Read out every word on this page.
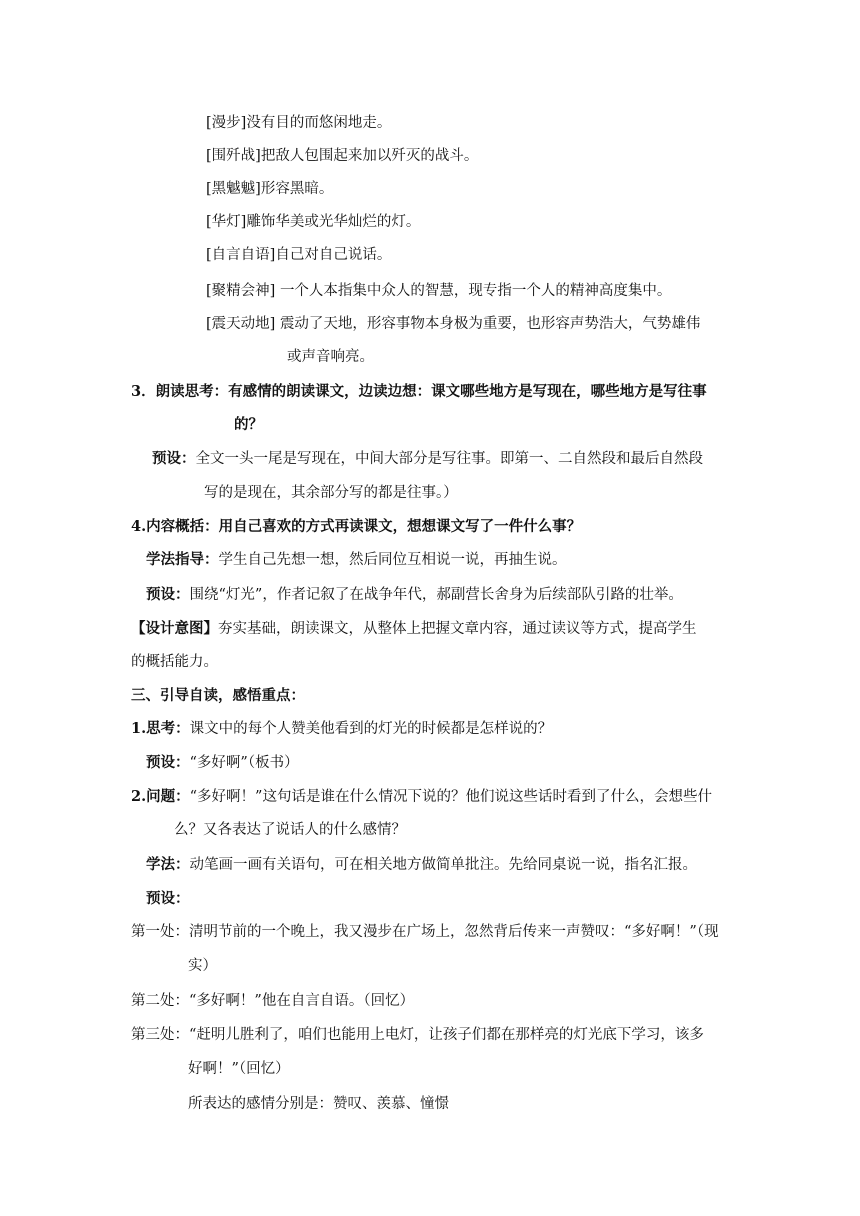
[漫步]没有目的而悠闲地走。
[围歼战]把敌人包围起来加以歼灭的战斗。
[黑魆魆]形容黑暗。
[华灯]雕饰华美或光华灿烂的灯。
[自言自语]自己对自己说话。
[聚精会神] 一个人本指集中众人的智慧，现专指一个人的精神高度集中。
[震天动地] 震动了天地，形容事物本身极为重要，也形容声势浩大，气势雄伟
或声音响亮。
3．朗读思考：有感情的朗读课文，边读边想：课文哪些地方是写现在，哪些地方是写往事
的？
预设：全文一头一尾是写现在，中间大部分是写往事。即第一、二自然段和最后自然段
写的是现在，其余部分写的都是往事。）
4.内容概括：用自己喜欢的方式再读课文，想想课文写了一件什么事？
学法指导：学生自己先想一想，然后同位互相说一说，再抽生说。
预设：围绕“灯光”，作者记叙了在战争年代，郝副营长舍身为后续部队引路的壮举。
【设计意图】夯实基础，朗读课文，从整体上把握文章内容，通过读议等方式，提高学生
的概括能力。
三、引导自读，感悟重点：
1.思考：课文中的每个人赞美他看到的灯光的时候都是怎样说的？
预设：“多好啊”（板书）
2.问题：“多好啊！”这句话是谁在什么情况下说的？他们说这些话时看到了什么，会想些什
么？又各表达了说话人的什么感情？
学法：动笔画一画有关语句，可在相关地方做简单批注。先给同桌说一说，指名汇报。
预设：
第一处：清明节前的一个晚上，我又漫步在广场上，忽然背后传来一声赞叹：“多好啊！”（现
实）
第二处：“多好啊！”他在自言自语。（回忆）
第三处：“赶明儿胜利了，咱们也能用上电灯，让孩子们都在那样亮的灯光底下学习，该多
好啊！”（回忆）
所表达的感情分别是：赞叹、羡慕、憧憬
